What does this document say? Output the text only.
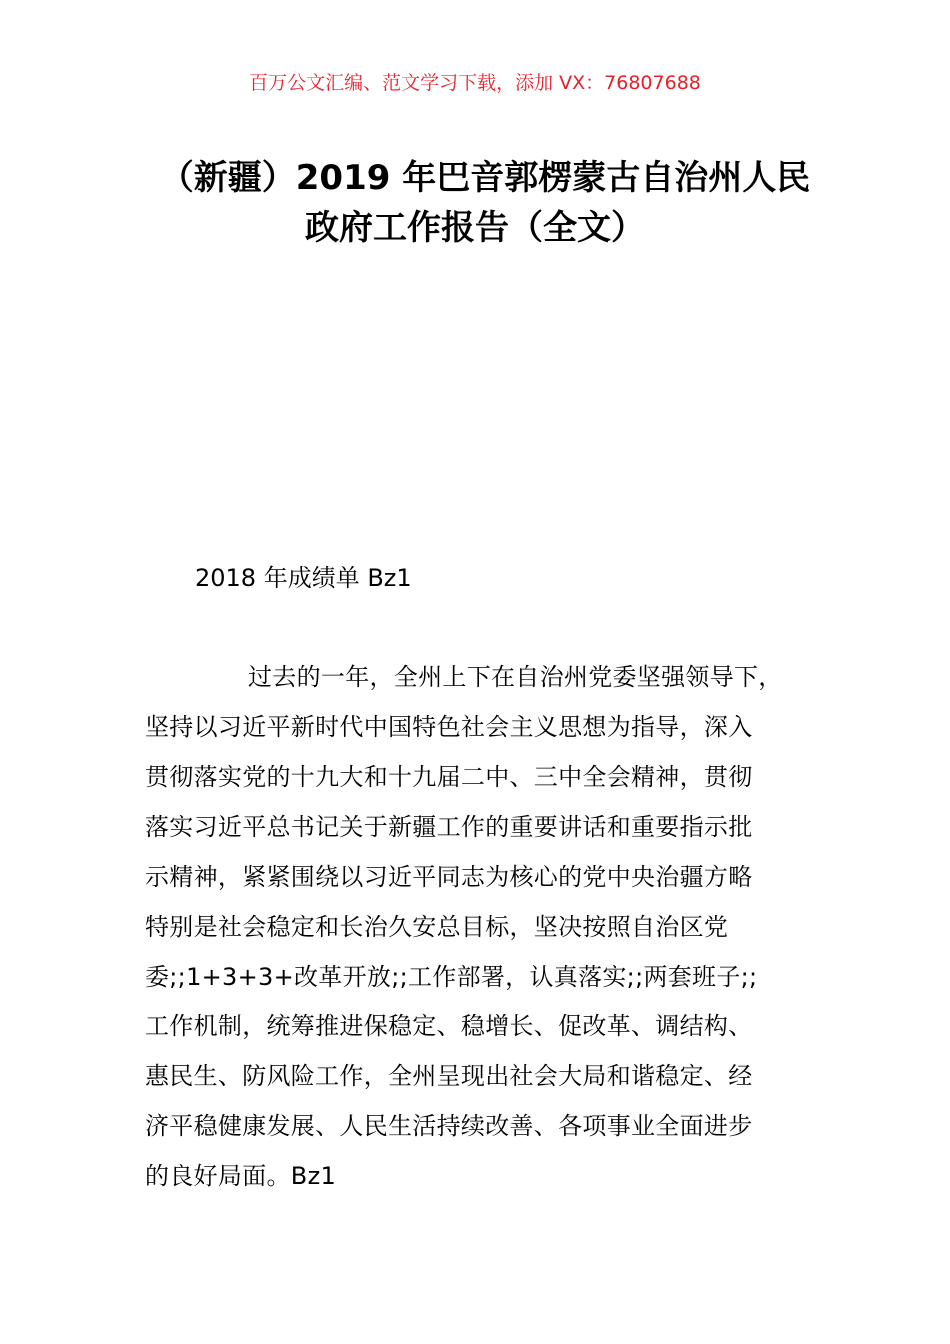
百万公文汇编、范文学习下载，添加 VX：76807688
（新疆）2019 年巴音郭楞蒙古自治州人民
政府工作报告（全文）
2018 年成绩单 Bz1
过去的一年，全州上下在自治州党委坚强领导下，
坚持以习近平新时代中国特色社会主义思想为指导，深入
贯彻落实党的十九大和十九届二中、三中全会精神，贯彻
落实习近平总书记关于新疆工作的重要讲话和重要指示批
示精神，紧紧围绕以习近平同志为核心的党中央治疆方略
特别是社会稳定和长治久安总目标，坚决按照自治区党
委;;1+3+3+改革开放;;工作部署，认真落实;;两套班子;;
工作机制，统筹推进保稳定、稳增长、促改革、调结构、
惠民生、防风险工作，全州呈现出社会大局和谐稳定、经
济平稳健康发展、人民生活持续改善、各项事业全面进步
的良好局面。Bz1
